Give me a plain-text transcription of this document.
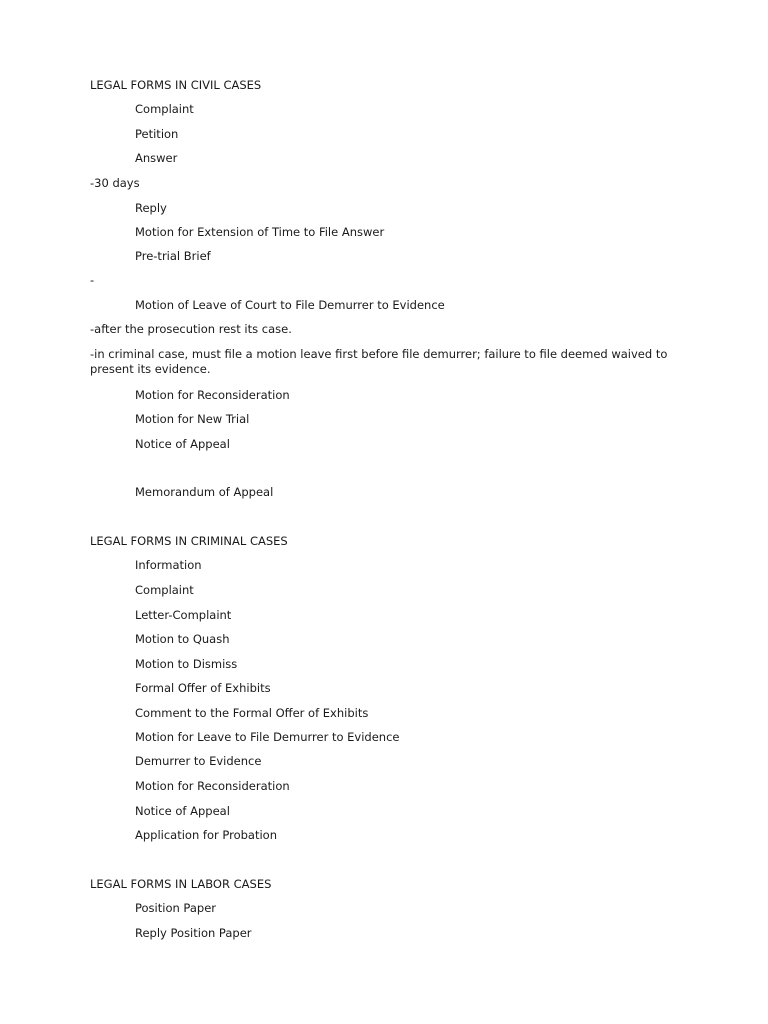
LEGAL FORMS IN CIVIL CASES
Complaint
Petition
Answer
-30 days
Reply
Motion for Extension of Time to File Answer
Pre-trial Brief
-
Motion of Leave of Court to File Demurrer to Evidence
-after the prosecution rest its case.
-in criminal case, must file a motion leave first before file demurrer; failure to file deemed waived to present its evidence.
Motion for Reconsideration
Motion for New Trial
Notice of Appeal
Memorandum of Appeal
LEGAL FORMS IN CRIMINAL CASES
Information
Complaint
Letter-Complaint
Motion to Quash
Motion to Dismiss
Formal Offer of Exhibits
Comment to the Formal Offer of Exhibits
Motion for Leave to File Demurrer to Evidence
Demurrer to Evidence
Motion for Reconsideration
Notice of Appeal
Application for Probation
LEGAL FORMS IN LABOR CASES
Position Paper
Reply Position Paper
